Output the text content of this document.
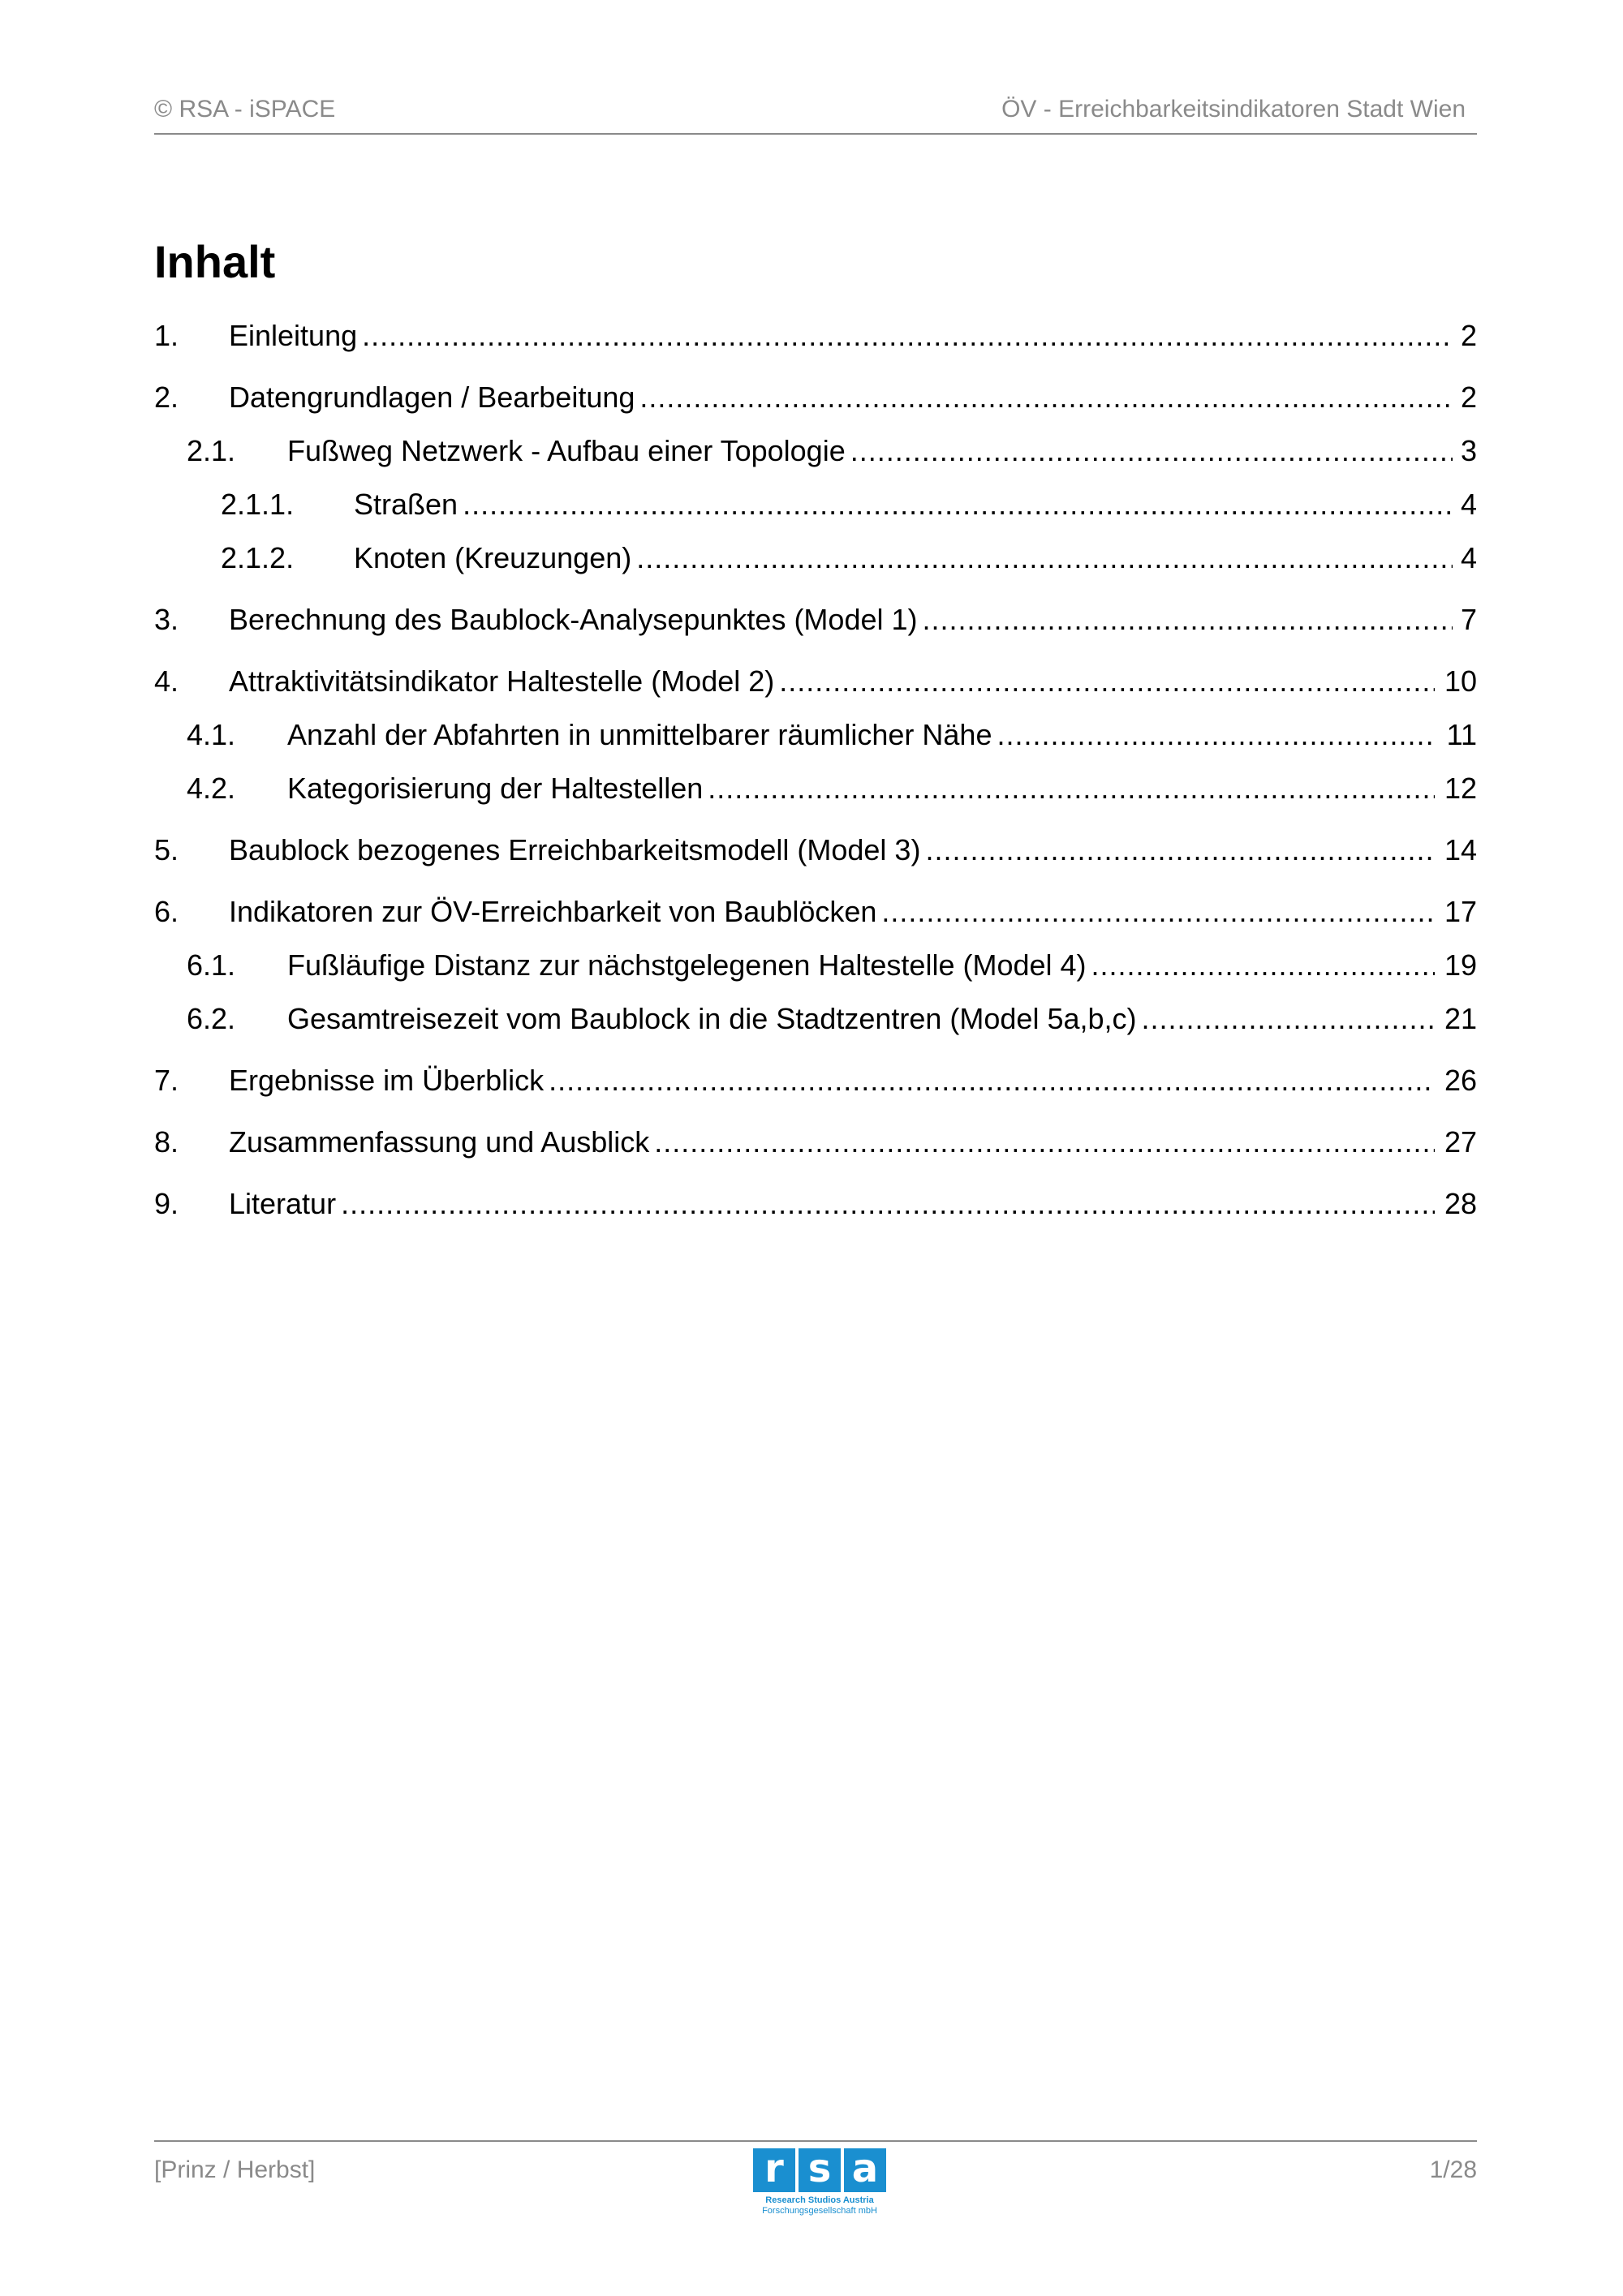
© RSA - iSPACE	ÖV - Erreichbarkeitsindikatoren Stadt Wien
Inhalt
1.	Einleitung .....	2
2.	Datengrundlagen / Bearbeitung .....	2
2.1.	Fußweg Netzwerk - Aufbau einer Topologie .....	3
2.1.1.	Straßen .....	4
2.1.2.	Knoten (Kreuzungen) .....	4
3.	Berechnung des Baublock-Analysepunktes (Model 1) .....	7
4.	Attraktivitätsindikator Haltestelle (Model 2) .....	10
4.1.	Anzahl der Abfahrten in unmittelbarer räumlicher Nähe .....	11
4.2.	Kategorisierung der Haltestellen .....	12
5.	Baublock bezogenes Erreichbarkeitsmodell (Model 3) .....	14
6.	Indikatoren zur ÖV-Erreichbarkeit von Baublöcken .....	17
6.1.	Fußläufige Distanz zur nächstgelegenen Haltestelle (Model 4) .....	19
6.2.	Gesamtreisezeit vom Baublock in die Stadtzentren (Model 5a,b,c) .....	21
7.	Ergebnisse im Überblick .....	26
8.	Zusammenfassung und Ausblick .....	27
9.	Literatur .....	28
[Prinz / Herbst]	r s a
Research Studios Austria
Forschungsgesellschaft mbH
1/28
